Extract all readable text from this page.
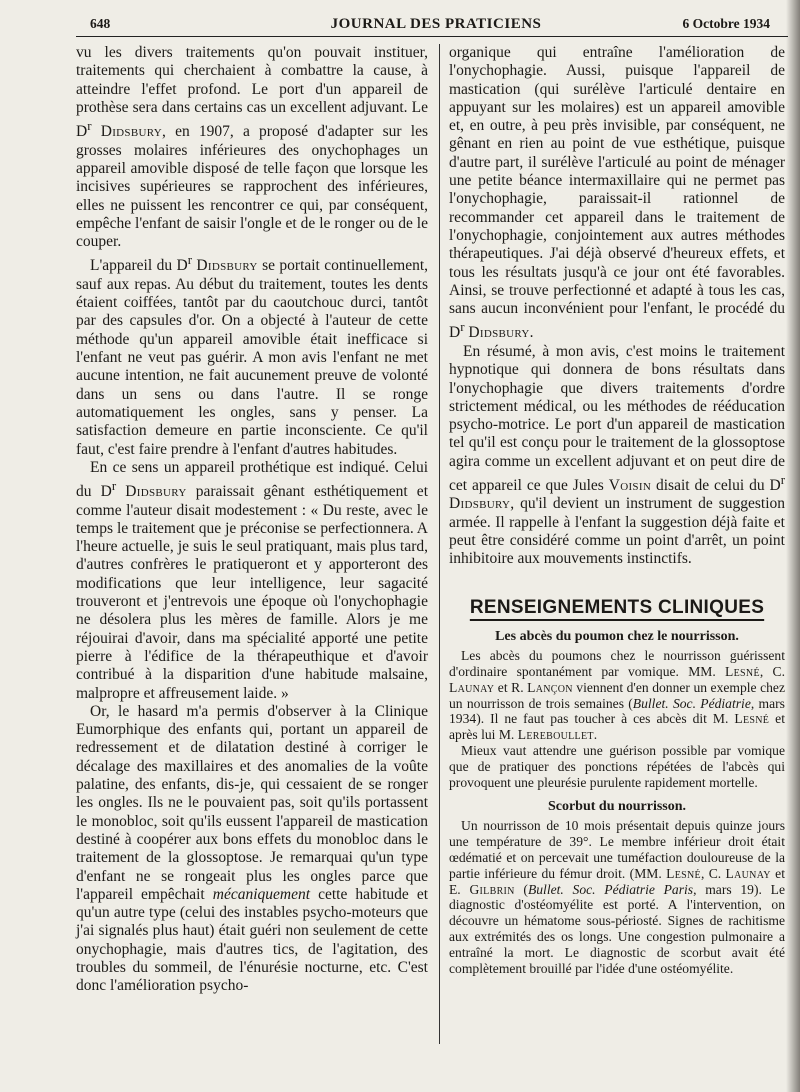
648	JOURNAL DES PRATICIENS	6 Octobre 1934

vu les divers traitements qu'on pouvait instituer, traitements qui cherchaient à combattre la cause, à atteindre l'effet profond. Le port d'un appareil de prothèse sera dans certains cas un excellent adjuvant. Le $D^r$ Didsbury, en 1907, a proposé d'adapter sur les grosses molaires inférieures des onychophages un appareil amovible disposé de telle façon que lorsque les incisives supérieures se rapprochent des inférieures, elles ne puissent les rencontrer ce qui, par conséquent, empêche l'enfant de saisir l'ongle et de le ronger ou de le couper.

L'appareil du $D^r$ Didsbury se portait continuellement, sauf aux repas. Au début du traitement, toutes les dents étaient coiffées, tantôt par du caoutchouc durci, tantôt par des capsules d'or. On a objecté à l'auteur de cette méthode qu'un appareil amovible était inefficace si l'enfant ne veut pas guérir. A mon avis l'enfant ne met aucune intention, ne fait aucunement preuve de volonté dans un sens ou dans l'autre. Il se ronge automatiquement les ongles, sans y penser. La satisfaction demeure en partie inconsciente. Ce qu'il faut, c'est faire prendre à l'enfant d'autres habitudes.

En ce sens un appareil prothétique est indiqué. Celui du $D^r$ Didsbury paraissait gênant esthétiquement et comme l'auteur disait modestement : « Du reste, avec le temps le traitement que je préconise se perfectionnera. A l'heure actuelle, je suis le seul pratiquant, mais plus tard, d'autres confrères le pratiqueront et y apporteront des modifications que leur intelligence, leur sagacité trouveront et j'entrevois une époque où l'onychophagie ne désolera plus les mères de famille. Alors je me réjouirai d'avoir, dans ma spécialité apporté une petite pierre à l'édifice de la thérapeuthique et d'avoir contribué à la disparition d'une habitude malsaine, malpropre et affreusement laide. »

Or, le hasard m'a permis d'observer à la Clinique Eumorphique des enfants qui, portant un appareil de redressement et de dilatation destiné à corriger le décalage des maxillaires et des anomalies de la voûte palatine, des enfants, dis-je, qui cessaient de se ronger les ongles. Ils ne le pouvaient pas, soit qu'ils portassent le monobloc, soit qu'ils eussent l'appareil de mastication destiné à coopérer aux bons effets du monobloc dans le traitement de la glossoptose. Je remarquai qu'un type d'enfant ne se rongeait plus les ongles parce que l'appareil empêchait mécaniquement cette habitude et qu'un autre type (celui des instables psycho-moteurs que j'ai signalés plus haut) était guéri non seulement de cette onychophagie, mais d'autres tics, de l'agitation, des troubles du sommeil, de l'énurésie nocturne, etc. C'est donc l'amélioration psycho-

organique qui entraîne l'amélioration de l'onychophagie. Aussi, puisque l'appareil de mastication (qui surélève l'articulé dentaire en appuyant sur les molaires) est un appareil amovible et, en outre, à peu près invisible, par conséquent, ne gênant en rien au point de vue esthétique, puisque d'autre part, il surélève l'articulé au point de ménager une petite béance intermaxillaire qui ne permet pas l'onychophagie, paraissait-il rationnel de recommander cet appareil dans le traitement de l'onychophagie, conjointement aux autres méthodes thérapeutiques. J'ai déjà observé d'heureux effets, et tous les résultats jusqu'à ce jour ont été favorables. Ainsi, se trouve perfectionné et adapté à tous les cas, sans aucun inconvénient pour l'enfant, le procédé du $D^r$ Didsbury.

En résumé, à mon avis, c'est moins le traitement hypnotique qui donnera de bons résultats dans l'onychophagie que divers traitements d'ordre strictement médical, ou les méthodes de rééducation psycho-motrice. Le port d'un appareil de mastication tel qu'il est conçu pour le traitement de la glossoptose agira comme un excellent adjuvant et on peut dire de cet appareil ce que Jules Voisin disait de celui du $D^r$ Didsbury, qu'il devient un instrument de suggestion armée. Il rappelle à l'enfant la suggestion déjà faite et peut être considéré comme un point d'arrêt, un point inhibitoire aux mouvements instinctifs.

RENSEIGNEMENTS CLINIQUES
Les abcès du poumon chez le nourrisson.

Les abcès du poumons chez le nourrisson guérissent d'ordinaire spontanément par vomique. MM. Lesné, C. Launay et R. Lançon viennent d'en donner un exemple chez un nourrisson de trois semaines (Bullet. Soc. Pédiatrie, mars 1934). Il ne faut pas toucher à ces abcès dit M. Lesné et après lui M. Lereboullet.

Mieux vaut attendre une guérison possible par vomique que de pratiquer des ponctions répétées de l'abcès qui provoquent une pleurésie purulente rapidement mortelle.

Scorbut du nourrisson.

Un nourrisson de 10 mois présentait depuis quinze jours une température de 39°. Le membre inférieur droit était œdématié et on percevait une tuméfaction douloureuse de la partie inférieure du fémur droit. (MM. Lesné, C. Launay et E. Gilbrin (Bullet. Soc. Pédiatrie Paris, mars 19). Le diagnostic d'ostéomyélite est porté. A l'intervention, on découvre un hématome sous-périosté. Signes de rachitisme aux extrémités des os longs. Une congestion pulmonaire a entraîné la mort. Le diagnostic de scorbut avait été complètement brouillé par l'idée d'une ostéomyélite.
